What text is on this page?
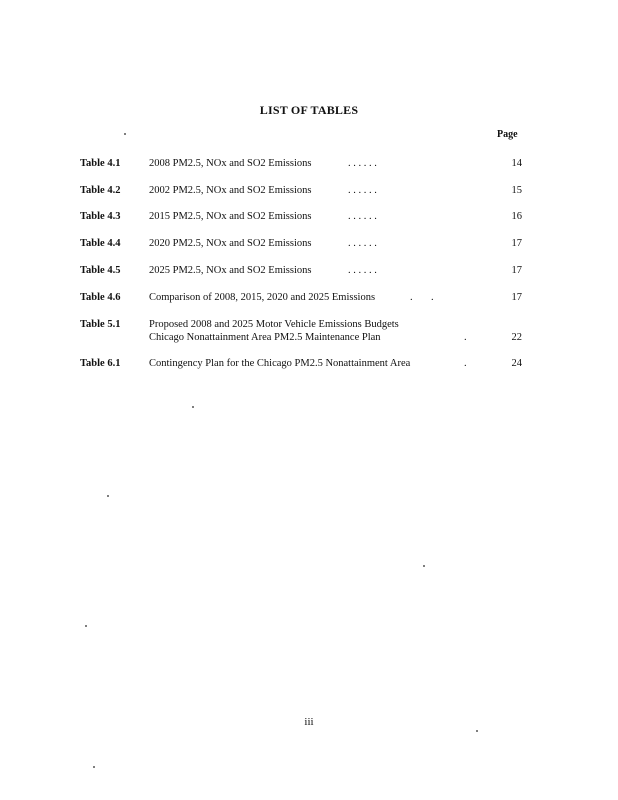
LIST OF TABLES
Page
Table 4.1	2008 PM2.5, NOx and SO2 Emissions	. . . . . .	14
Table 4.2	2002 PM2.5, NOx and SO2 Emissions	. . . . . .	15
Table 4.3	2015 PM2.5, NOx and SO2 Emissions	. . . . . .	16
Table 4.4	2020 PM2.5, NOx and SO2 Emissions	. . . . . .	17
Table 4.5	2025 PM2.5, NOx and SO2 Emissions	. . . . . .	17
Table 4.6	Comparison of 2008, 2015, 2020 and 2025 Emissions	.       .	17
Table 5.1	Proposed 2008 and 2025 Motor Vehicle Emissions Budgets
Chicago Nonattainment Area PM2.5 Maintenance Plan	.	22
Table 6.1	Contingency Plan for the Chicago PM2.5 Nonattainment Area	.	24
iii
